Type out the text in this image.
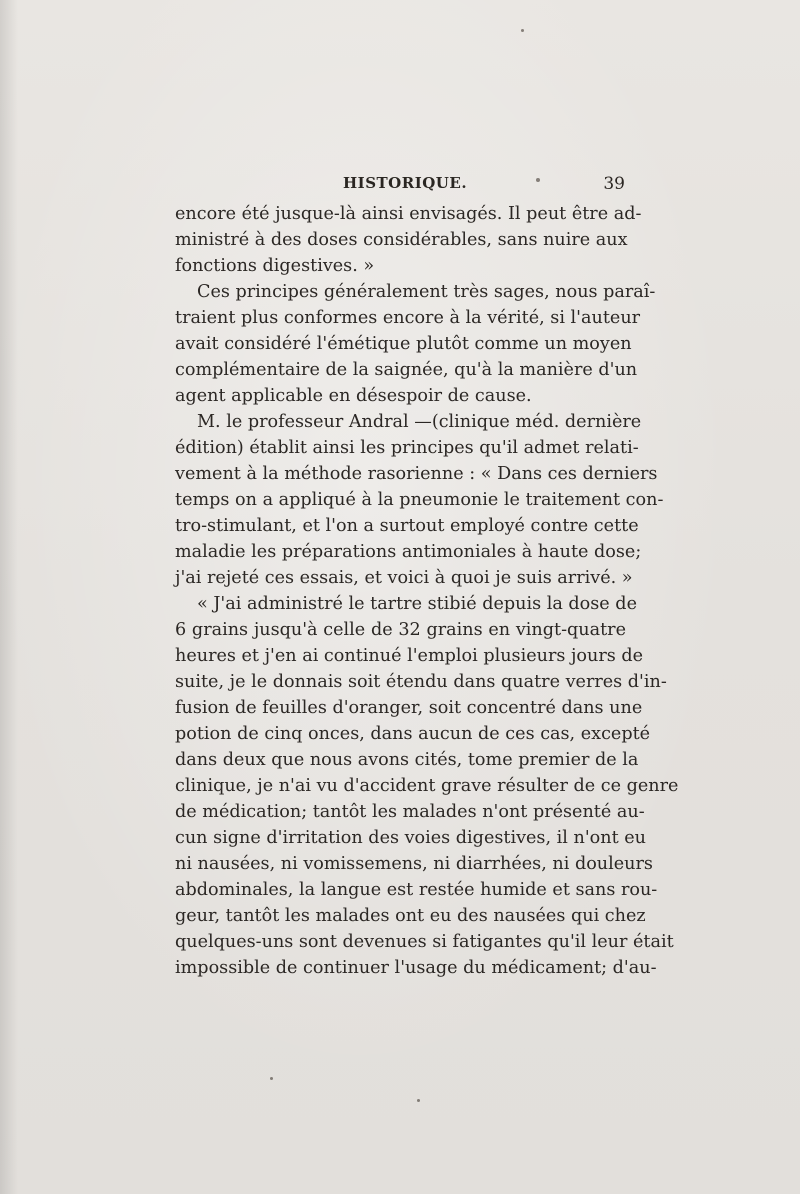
HISTORIQUE.	39
encore été jusque-là ainsi envisagés. Il peut être ad-
ministré à des doses considérables, sans nuire aux
fonctions digestives. »
Ces principes généralement très sages, nous paraî-
traient plus conformes encore à la vérité, si l'auteur
avait considéré l'émétique plutôt comme un moyen
complémentaire de la saignée, qu'à la manière d'un
agent applicable en désespoir de cause.
M. le professeur Andral —(clinique méd. dernière
édition) établit ainsi les principes qu'il admet relati-
vement à la méthode rasorienne : « Dans ces derniers
temps on a appliqué à la pneumonie le traitement con-
tro-stimulant, et l'on a surtout employé contre cette
maladie les préparations antimoniales à haute dose;
j'ai rejeté ces essais, et voici à quoi je suis arrivé. »
« J'ai administré le tartre stibié depuis la dose de
6 grains jusqu'à celle de 32 grains en vingt-quatre
heures et j'en ai continué l'emploi plusieurs jours de
suite, je le donnais soit étendu dans quatre verres d'in-
fusion de feuilles d'oranger, soit concentré dans une
potion de cinq onces, dans aucun de ces cas, excepté
dans deux que nous avons cités, tome premier de la
clinique, je n'ai vu d'accident grave résulter de ce genre
de médication; tantôt les malades n'ont présenté au-
cun signe d'irritation des voies digestives, il n'ont eu
ni nausées, ni vomissemens, ni diarrhées, ni douleurs
abdominales, la langue est restée humide et sans rou-
geur, tantôt les malades ont eu des nausées qui chez
quelques-uns sont devenues si fatigantes qu'il leur était
impossible de continuer l'usage du médicament; d'au-
